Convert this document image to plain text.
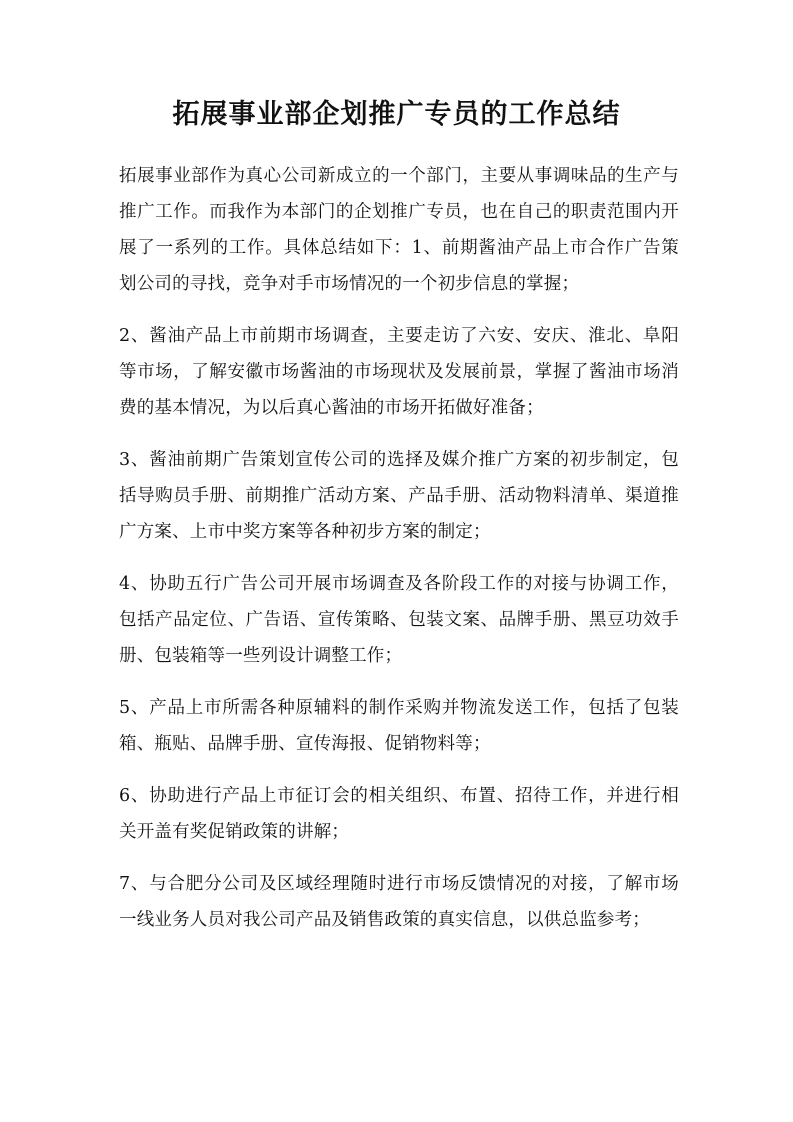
拓展事业部企划推广专员的工作总结

拓展事业部作为真心公司新成立的一个部门，主要从事调味品的生产与推广工作。而我作为本部门的企划推广专员，也在自己的职责范围内开展了一系列的工作。具体总结如下：1、前期酱油产品上市合作广告策划公司的寻找，竞争对手市场情况的一个初步信息的掌握；

2、酱油产品上市前期市场调查，主要走访了六安、安庆、淮北、阜阳等市场，了解安徽市场酱油的市场现状及发展前景，掌握了酱油市场消费的基本情况，为以后真心酱油的市场开拓做好准备；

3、酱油前期广告策划宣传公司的选择及媒介推广方案的初步制定，包括导购员手册、前期推广活动方案、产品手册、活动物料清单、渠道推广方案、上市中奖方案等各种初步方案的制定；

4、协助五行广告公司开展市场调查及各阶段工作的对接与协调工作，包括产品定位、广告语、宣传策略、包装文案、品牌手册、黑豆功效手册、包装箱等一些列设计调整工作；

5、产品上市所需各种原辅料的制作采购并物流发送工作，包括了包装箱、瓶贴、品牌手册、宣传海报、促销物料等；

6、协助进行产品上市征订会的相关组织、布置、招待工作，并进行相关开盖有奖促销政策的讲解；

7、与合肥分公司及区域经理随时进行市场反馈情况的对接，了解市场一线业务人员对我公司产品及销售政策的真实信息，以供总监参考；
